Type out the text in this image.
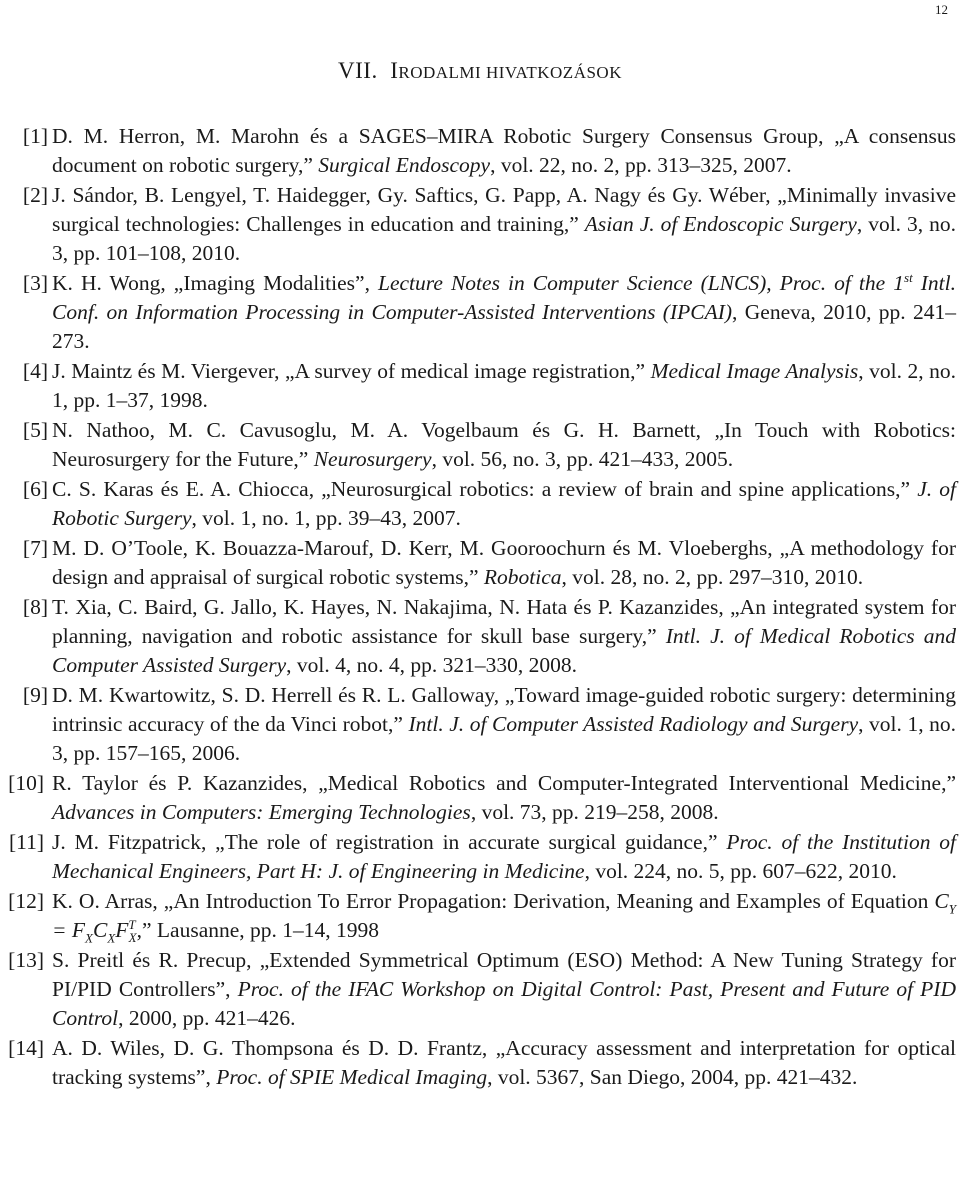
12
VII. IRODALMI HIVATKOZÁSOK
[1] D. M. Herron, M. Marohn és a SAGES–MIRA Robotic Surgery Consensus Group, „A consensus document on robotic surgery,” Surgical Endoscopy, vol. 22, no. 2, pp. 313–325, 2007.
[2] J. Sándor, B. Lengyel, T. Haidegger, Gy. Saftics, G. Papp, A. Nagy és Gy. Wéber, „Minimally invasive surgical technologies: Challenges in education and training,” Asian J. of Endoscopic Surgery, vol. 3, no. 3, pp. 101–108, 2010.
[3] K. H. Wong, „Imaging Modalities”, Lecture Notes in Computer Science (LNCS), Proc. of the 1st Intl. Conf. on Information Processing in Computer-Assisted Interventions (IPCAI), Geneva, 2010, pp. 241–273.
[4] J. Maintz és M. Viergever, „A survey of medical image registration,” Medical Image Analysis, vol. 2, no. 1, pp. 1–37, 1998.
[5] N. Nathoo, M. C. Cavusoglu, M. A. Vogelbaum és G. H. Barnett, „In Touch with Robotics: Neurosurgery for the Future,” Neurosurgery, vol. 56, no. 3, pp. 421–433, 2005.
[6] C. S. Karas és E. A. Chiocca, „Neurosurgical robotics: a review of brain and spine applications,” J. of Robotic Surgery, vol. 1, no. 1, pp. 39–43, 2007.
[7] M. D. O’Toole, K. Bouazza-Marouf, D. Kerr, M. Gooroochurn és M. Vloeberghs, „A methodology for design and appraisal of surgical robotic systems,” Robotica, vol. 28, no. 2, pp. 297–310, 2010.
[8] T. Xia, C. Baird, G. Jallo, K. Hayes, N. Nakajima, N. Hata és P. Kazanzides, „An integrated system for planning, navigation and robotic assistance for skull base surgery,” Intl. J. of Medical Robotics and Computer Assisted Surgery, vol. 4, no. 4, pp. 321–330, 2008.
[9] D. M. Kwartowitz, S. D. Herrell és R. L. Galloway, „Toward image-guided robotic surgery: determining intrinsic accuracy of the da Vinci robot,” Intl. J. of Computer Assisted Radiology and Surgery, vol. 1, no. 3, pp. 157–165, 2006.
[10] R. Taylor és P. Kazanzides, „Medical Robotics and Computer-Integrated Interventional Medicine,” Advances in Computers: Emerging Technologies, vol. 73, pp. 219–258, 2008.
[11] J. M. Fitzpatrick, „The role of registration in accurate surgical guidance,” Proc. of the Institution of Mechanical Engineers, Part H: J. of Engineering in Medicine, vol. 224, no. 5, pp. 607–622, 2010.
[12] K. O. Arras, „An Introduction To Error Propagation: Derivation, Meaning and Examples of Equation $C_Y = F_XC_XF^T_X$,” Lausanne, pp. 1–14, 1998
[13] S. Preitl és R. Precup, „Extended Symmetrical Optimum (ESO) Method: A New Tuning Strategy for PI/PID Controllers”, Proc. of the IFAC Workshop on Digital Control: Past, Present and Future of PID Control, 2000, pp. 421–426.
[14] A. D. Wiles, D. G. Thompsona és D. D. Frantz, „Accuracy assessment and interpretation for optical tracking systems”, Proc. of SPIE Medical Imaging, vol. 5367, San Diego, 2004, pp. 421–432.
